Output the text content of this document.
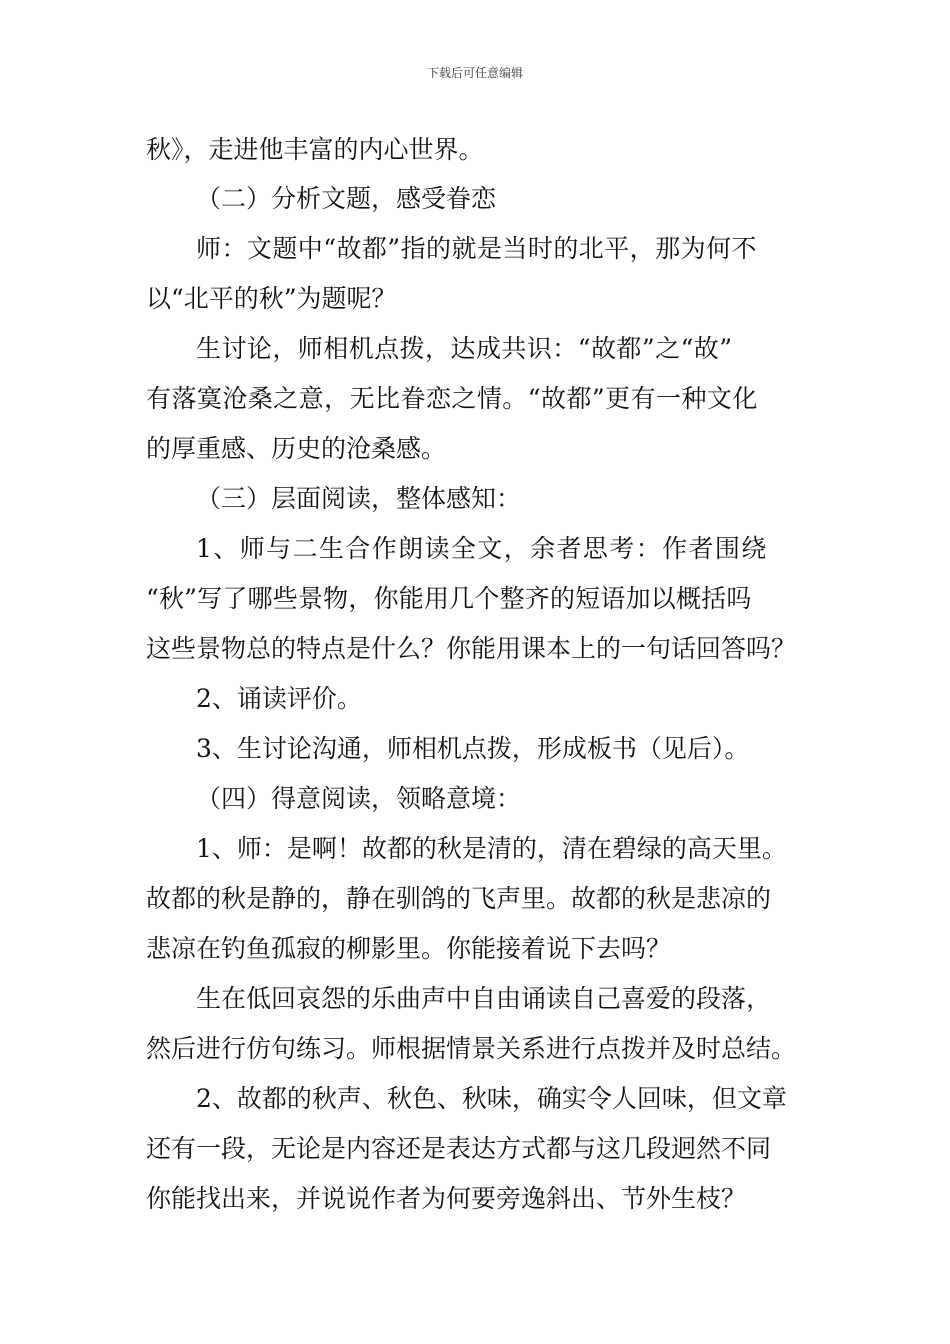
下载后可任意编辑
秋》，走进他丰富的内心世界。
（二）分析文题，感受眷恋
师：文题中“故都”指的就是当时的北平，那为何不
以“北平的秋”为题呢？
生讨论，师相机点拨，达成共识：“故都”之“故”
有落寞沧桑之意，无比眷恋之情。“故都”更有一种文化
的厚重感、历史的沧桑感。
（三）层面阅读，整体感知：
1、师与二生合作朗读全文，余者思考：作者围绕
“秋”写了哪些景物，你能用几个整齐的短语加以概括吗
这些景物总的特点是什么？你能用课本上的一句话回答吗？
2、诵读评价。
3、生讨论沟通，师相机点拨，形成板书（见后）。
（四）得意阅读，领略意境：
1、师：是啊！故都的秋是清的，清在碧绿的高天里。
故都的秋是静的，静在驯鸽的飞声里。故都的秋是悲凉的
悲凉在钓鱼孤寂的柳影里。你能接着说下去吗？
生在低回哀怨的乐曲声中自由诵读自己喜爱的段落，
然后进行仿句练习。师根据情景关系进行点拨并及时总结。
2、故都的秋声、秋色、秋味，确实令人回味，但文章
还有一段，无论是内容还是表达方式都与这几段迥然不同
你能找出来，并说说作者为何要旁逸斜出、节外生枝？
